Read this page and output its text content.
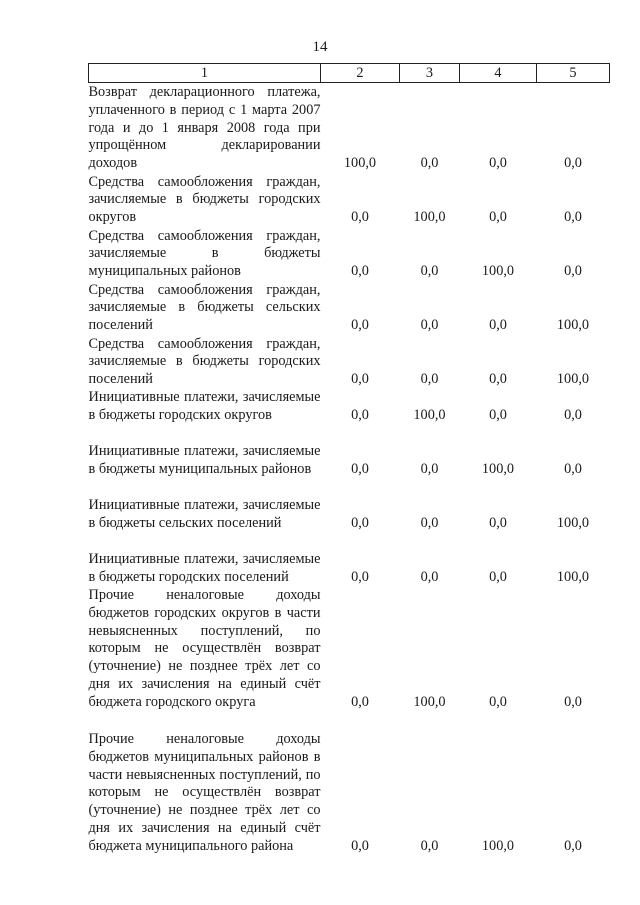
14
1	2	3	4	5
Возврат декларационного платежа, уплаченного в период с 1 марта 2007 года и до 1 января 2008 года при упрощённом декларировании доходов	100,0	0,0	0,0	0,0
Средства самообложения граждан, зачисляемые в бюджеты городских округов	0,0	100,0	0,0	0,0
Средства самообложения граждан, зачисляемые в бюджеты муниципальных районов	0,0	0,0	100,0	0,0
Средства самообложения граждан, зачисляемые в бюджеты сельских поселений	0,0	0,0	0,0	100,0
Средства самообложения граждан, зачисляемые в бюджеты городских поселений	0,0	0,0	0,0	100,0
Инициативные платежи, зачисляемые в бюджеты городских округов	0,0	100,0	0,0	0,0
Инициативные платежи, зачисляемые в бюджеты муниципальных районов	0,0	0,0	100,0	0,0
Инициативные платежи, зачисляемые в бюджеты сельских поселений	0,0	0,0	0,0	100,0
Инициативные платежи, зачисляемые в бюджеты городских поселений	0,0	0,0	0,0	100,0
Прочие неналоговые доходы бюджетов городских округов в части невыясненных поступлений, по которым не осуществлён возврат (уточнение) не позднее трёх лет со дня их зачисления на единый счёт бюджета городского округа	0,0	100,0	0,0	0,0
Прочие неналоговые доходы бюджетов муниципальных районов в части невыясненных поступлений, по которым не осуществлён возврат (уточнение) не позднее трёх лет со дня их зачисления на единый счёт бюджета муниципального района	0,0	0,0	100,0	0,0
